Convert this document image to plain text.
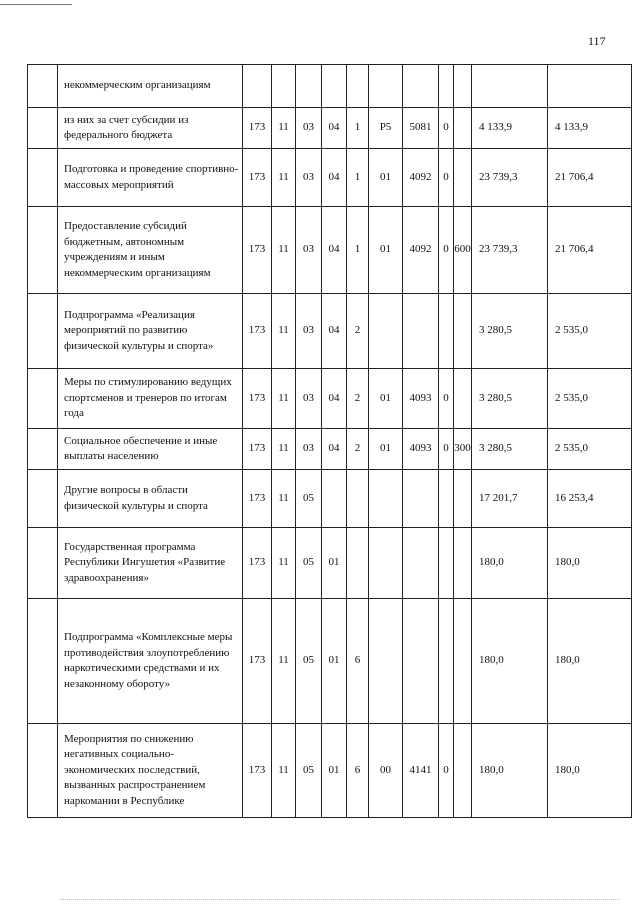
117
	некоммерческим организациям											
	из них за счет субсидии из федерального бюджета	173	11	03	04	1	P5	5081	0		4 133,9	4 133,9
	Подготовка и проведение спортивно-массовых мероприятий	173	11	03	04	1	01	4092	0		23 739,3	21 706,4
	Предоставление субсидий бюджетным, автономным учреждениям и иным некоммерческим организациям	173	11	03	04	1	01	4092	0	600	23 739,3	21 706,4
	Подпрограмма «Реализация мероприятий по развитию физической культуры и спорта»	173	11	03	04	2					3 280,5	2 535,0
	Меры по стимулированию ведущих спортсменов и тренеров по итогам года	173	11	03	04	2	01	4093	0		3 280,5	2 535,0
	Социальное обеспечение и иные выплаты населению	173	11	03	04	2	01	4093	0	300	3 280,5	2 535,0
	Другие вопросы в области физической культуры и спорта	173	11	05							17 201,7	16 253,4
	Государственная программа Республики Ингушетия «Развитие здравоохранения»	173	11	05	01						180,0	180,0
	Подпрограмма «Комплексные меры противодействия злоупотреблению наркотическими средствами и их незаконному обороту»	173	11	05	01	6					180,0	180,0
	Мероприятия по снижению негативных социально-экономических последствий, вызванных распространением наркомании в Республике	173	11	05	01	6	00	4141	0		180,0	180,0
